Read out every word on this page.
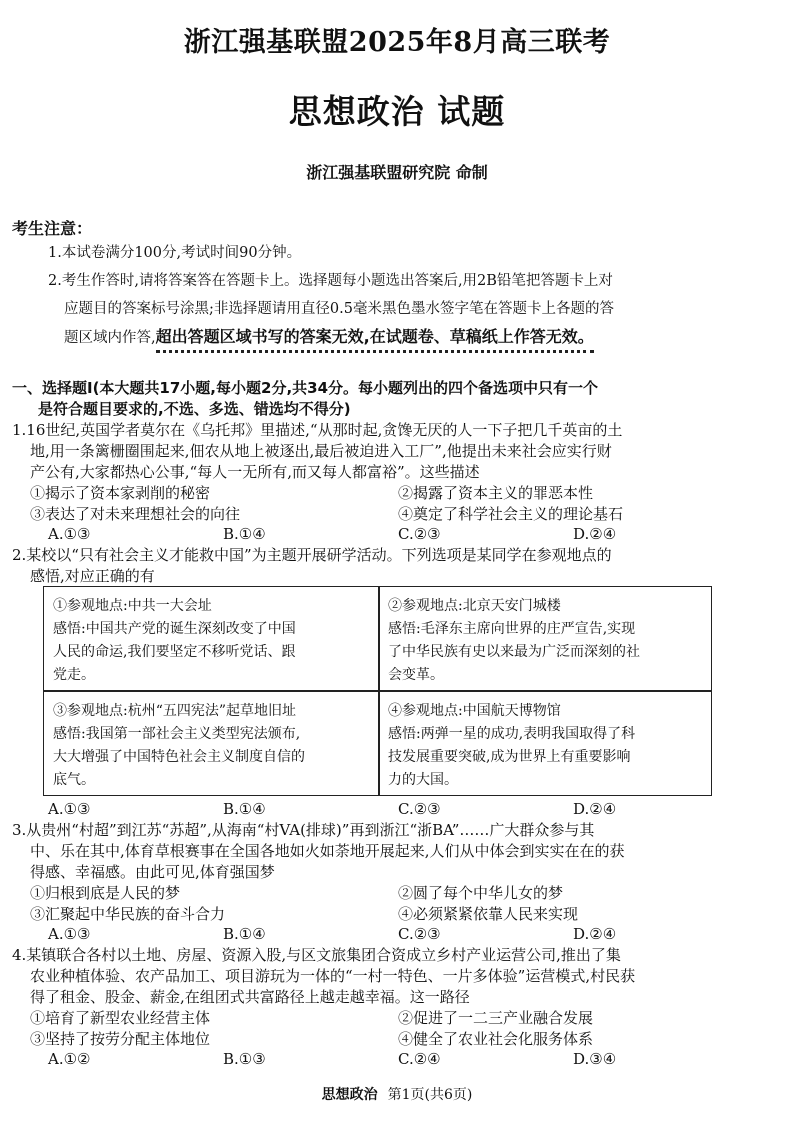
浙江强基联盟2025年8月高三联考
思想政治 试题
浙江强基联盟研究院 命制
考生注意：
1.本试卷满分100分,考试时间90分钟。
2.考生作答时,请将答案答在答题卡上。选择题每小题选出答案后,用2B铅笔把答题卡上对
应题目的答案标号涂黑;非选择题请用直径0.5毫米黑色墨水签字笔在答题卡上各题的答
题区域内作答,超出答题区域书写的答案无效,在试题卷、草稿纸上作答无效。
一、选择题Ⅰ(本大题共17小题,每小题2分,共34分。每小题列出的四个备选项中只有一个
是符合题目要求的,不选、多选、错选均不得分)
1.16世纪,英国学者莫尔在《乌托邦》里描述,“从那时起,贪馋无厌的人一下子把几千英亩的土
地,用一条篱栅圈围起来,佃农从地上被逐出,最后被迫进入工厂”,他提出未来社会应实行财
产公有,大家都热心公事,“每人一无所有,而又每人都富裕”。这些描述
①揭示了资本家剥削的秘密	②揭露了资本主义的罪恶本性
③表达了对未来理想社会的向往	④奠定了科学社会主义的理论基石
A.①③	B.①④	C.②③	D.②④
2.某校以“只有社会主义才能救中国”为主题开展研学活动。下列选项是某同学在参观地点的
感悟,对应正确的有
①参观地点:中共一大会址
感悟:中国共产党的诞生深刻改变了中国
人民的命运,我们要坚定不移听党话、跟
党走。
②参观地点:北京天安门城楼
感悟:毛泽东主席向世界的庄严宣告,实现
了中华民族有史以来最为广泛而深刻的社
会变革。
③参观地点:杭州“五四宪法”起草地旧址
感悟:我国第一部社会主义类型宪法颁布,
大大增强了中国特色社会主义制度自信的
底气。
④参观地点:中国航天博物馆
感悟:两弹一星的成功,表明我国取得了科
技发展重要突破,成为世界上有重要影响
力的大国。
A.①③	B.①④	C.②③	D.②④
3.从贵州“村超”到江苏“苏超”,从海南“村VA(排球)”再到浙江“浙BA”……广大群众参与其
中、乐在其中,体育草根赛事在全国各地如火如荼地开展起来,人们从中体会到实实在在的获
得感、幸福感。由此可见,体育强国梦
①归根到底是人民的梦	②圆了每个中华儿女的梦
③汇聚起中华民族的奋斗合力	④必须紧紧依靠人民来实现
A.①③	B.①④	C.②③	D.②④
4.某镇联合各村以土地、房屋、资源入股,与区文旅集团合资成立乡村产业运营公司,推出了集
农业种植体验、农产品加工、项目游玩为一体的“一村一特色、一片多体验”运营模式,村民获
得了租金、股金、薪金,在组团式共富路径上越走越幸福。这一路径
①培育了新型农业经营主体	②促进了一二三产业融合发展
③坚持了按劳分配主体地位	④健全了农业社会化服务体系
A.①②	B.①③	C.②④	D.③④
思想政治 第1页(共6页)
